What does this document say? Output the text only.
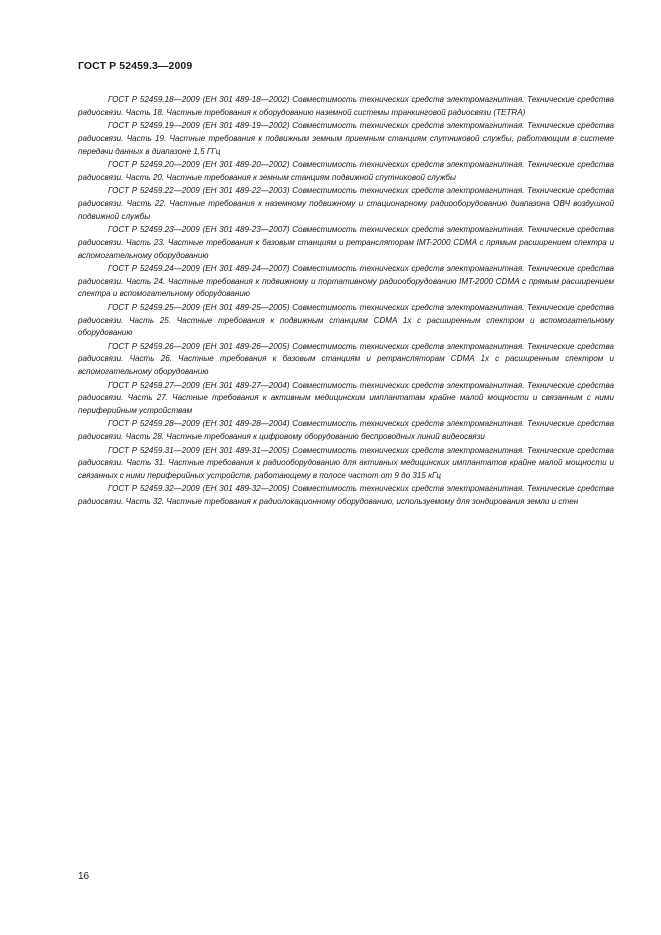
ГОСТ Р 52459.3—2009

ГОСТ Р 52459.18—2009 (ЕН 301 489-18—2002) Совместимость технических средств электромагнитная. Технические средства радиосвязи. Часть 18. Частные требования к оборудованию наземной системы транкинговой радиосвязи (TETRA)

ГОСТ Р 52459.19—2009 (ЕН 301 489-19—2002) Совместимость технических средств электромагнитная. Технические средства радиосвязи. Часть 19. Частные требования к подвижным земным приемным станциям спутниковой службы, работающим в системе передачи данных в диапазоне 1,5 ГГц

ГОСТ Р 52459.20—2009 (ЕН 301 489-20—2002) Совместимость технических средств электромагнитная. Технические средства радиосвязи. Часть 20. Частные требования к земным станциям подвижной спутниковой службы

ГОСТ Р 52459.22—2009 (ЕН 301 489-22—2003) Совместимость технических средств электромагнитная. Технические средства радиосвязи. Часть 22. Частные требования к наземному подвижному и стационарному радиооборудованию диапазона ОВЧ воздушной подвижной службы

ГОСТ Р 52459.23—2009 (ЕН 301 489-23—2007) Совместимость технических средств электромагнитная. Технические средства радиосвязи. Часть 23. Частные требования к базовым станциям и ретрансляторам IMT-2000 CDMA с прямым расширением спектра и вспомогательному оборудованию

ГОСТ Р 52459.24—2009 (ЕН 301 489-24—2007) Совместимость технических средств электромагнитная. Технические средства радиосвязи. Часть 24. Частные требования к подвижному и портативному радиооборудованию IMT-2000 CDMA с прямым расширением спектра и вспомогательному оборудованию

ГОСТ Р 52459.25—2009 (ЕН 301 489-25—2005) Совместимость технических средств электромагнитная. Технические средства радиосвязи. Часть 25. Частные требования к подвижным станциям CDMA 1x с расширенным спектром и вспомогательному оборудованию

ГОСТ Р 52459.26—2009 (ЕН 301 489-26—2005) Совместимость технических средств электромагнитная. Технические средства радиосвязи. Часть 26. Частные требования к базовым станциям и ретрансляторам CDMA 1x с расширенным спектром и вспомогательному оборудованию

ГОСТ Р 52459.27—2009 (ЕН 301 489-27—2004) Совместимость технических средств электромагнитная. Технические средства радиосвязи. Часть 27. Частные требования к активным медицинским имплантатам крайне малой мощности и связанным с ними периферийным устройствам

ГОСТ Р 52459.28—2009 (ЕН 301 489-28—2004) Совместимость технических средств электромагнитная. Технические средства радиосвязи. Часть 28. Частные требования к цифровому оборудованию беспроводных линий видеосвязи

ГОСТ Р 52459.31—2009 (ЕН 301 489-31—2005) Совместимость технических средств электромагнитная. Технические средства радиосвязи. Часть 31. Частные требования к радиооборудованию для активных медицинских имплантатов крайне малой мощности и связанных с ними периферийных устройств, работающему в полосе частот от 9 до 315 кГц

ГОСТ Р 52459.32—2009 (ЕН 301 489-32—2005) Совместимость технических средств электромагнитная. Технические средства радиосвязи. Часть 32. Частные требования к радиолокационному оборудованию, используемому для зондирования земли и стен

16
